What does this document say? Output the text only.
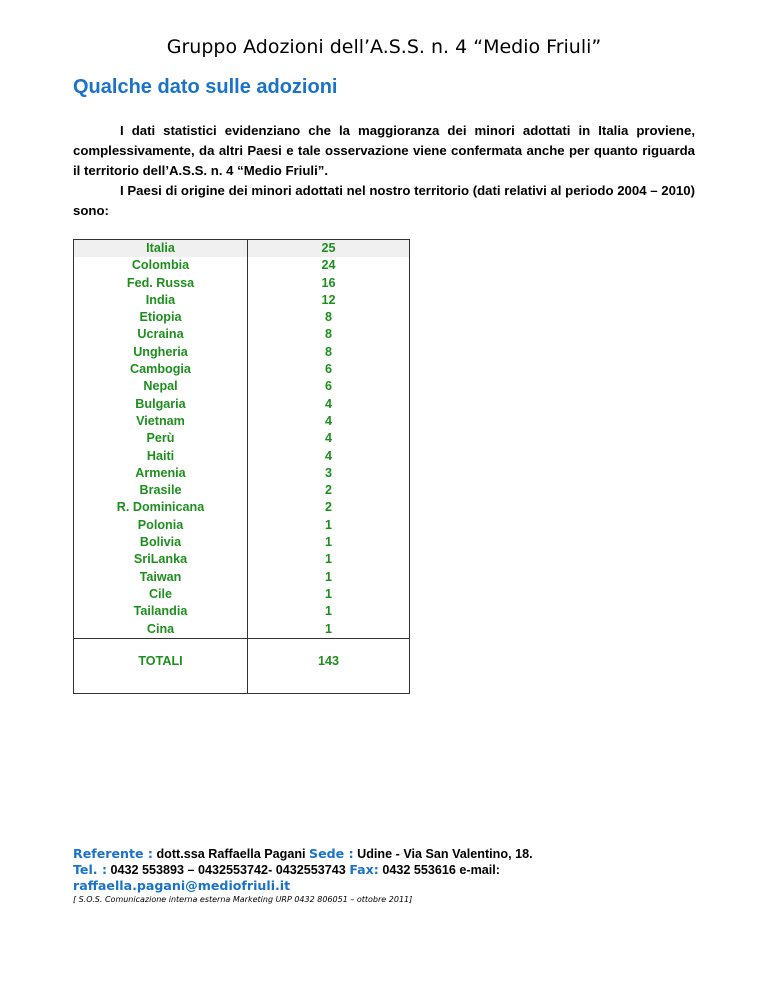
Gruppo Adozioni dell’A.S.S. n. 4 “Medio Friuli”
Qualche dato sulle adozioni

I dati statistici evidenziano che la maggioranza dei minori adottati in Italia proviene, complessivamente, da altri Paesi e tale osservazione viene confermata anche per quanto riguarda il territorio dell’A.S.S. n. 4 “Medio Friuli”.

I Paesi di origine dei minori adottati nel nostro territorio (dati relativi al periodo 2004 – 2010) sono:

Italia	25
Colombia	24
Fed. Russa	16
India	12
Etiopia	8
Ucraina	8
Ungheria	8
Cambogia	6
Nepal	6
Bulgaria	4
Vietnam	4
Perù	4
Haiti	4
Armenia	3
Brasile	2
R. Dominicana	2
Polonia	1
Bolivia	1
SriLanka	1
Taiwan	1
Cile	1
Tailandia	1
Cina	1

TOTALI	143
Referente : dott.ssa Raffaella Pagani Sede : Udine - Via San Valentino, 18.
Tel. : 0432 553893 – 0432553742- 0432553743 Fax: 0432 553616 e-mail:
raffaella.pagani@mediofriuli.it
[ S.O.S. Comunicazione interna esterna Marketing URP 0432 806051 – ottobre 2011]
